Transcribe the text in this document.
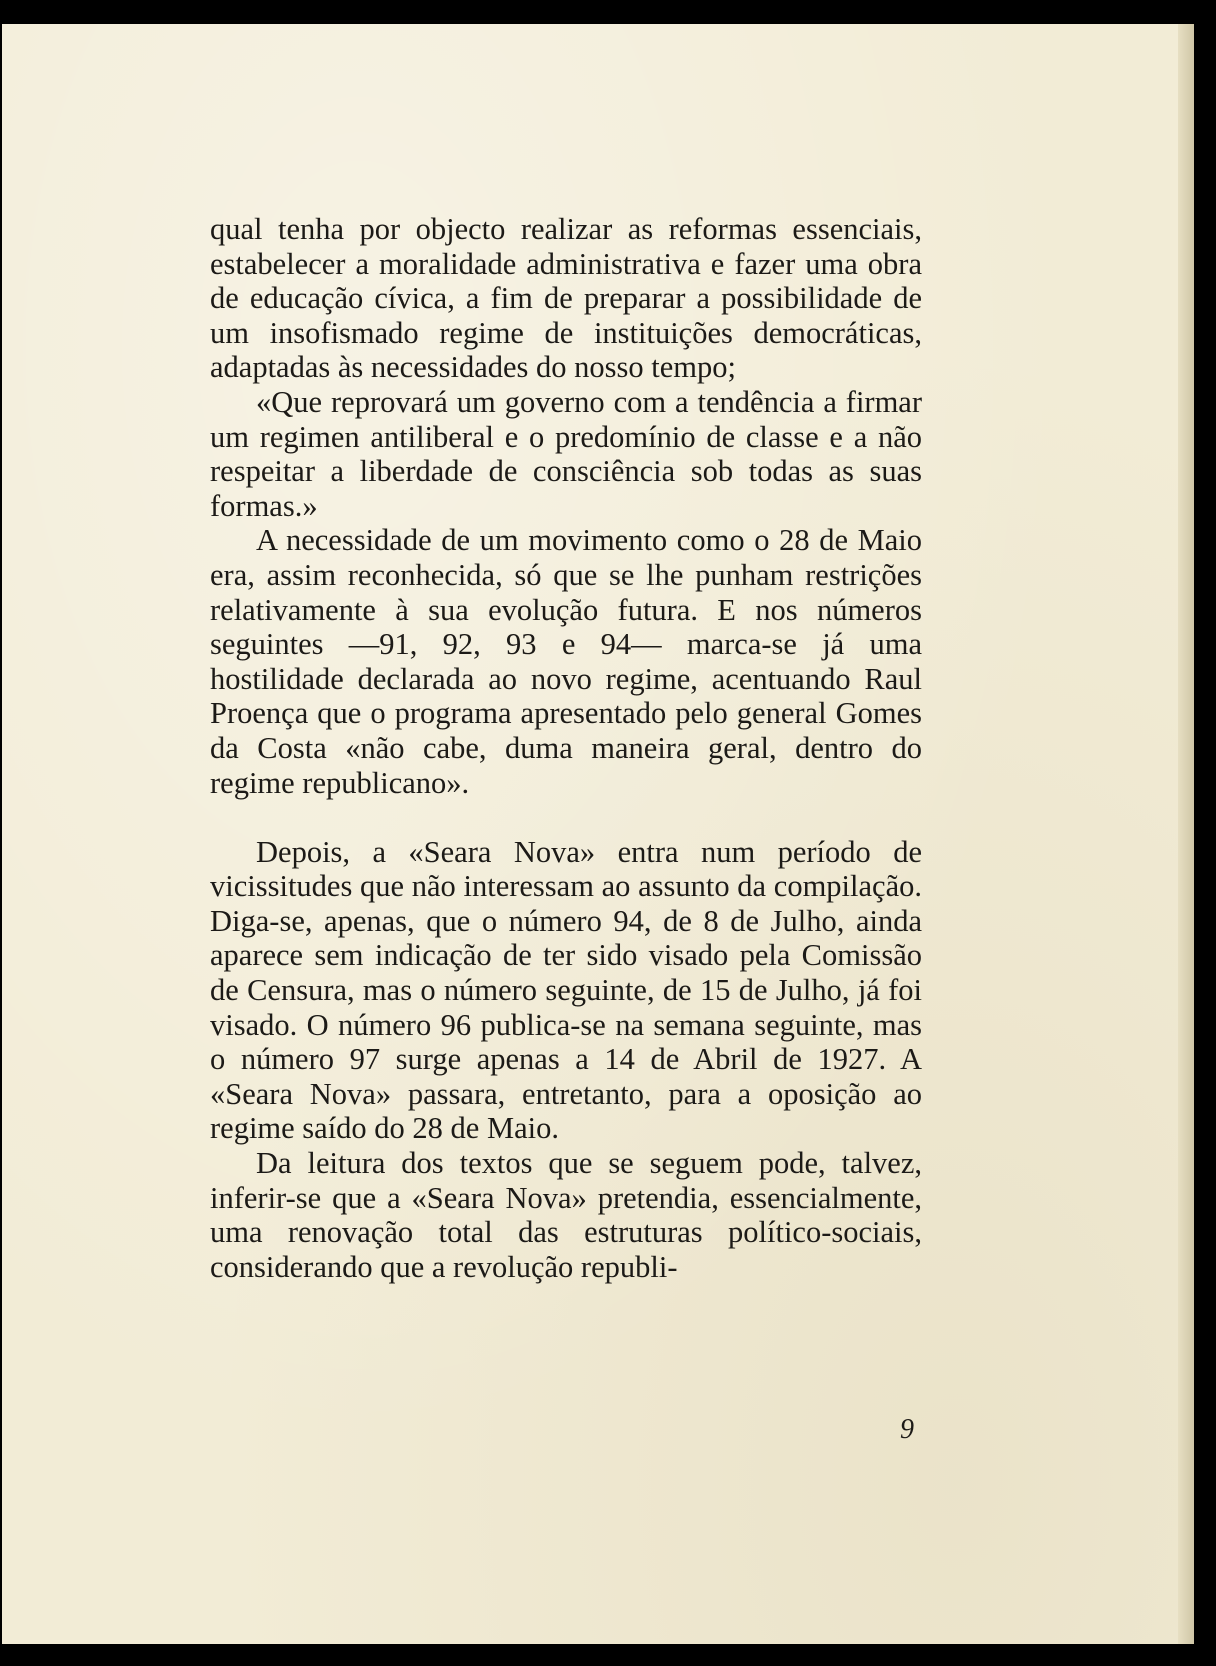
qual tenha por objecto realizar as reformas essenciais, estabelecer a moralidade administrativa e fazer uma obra de educação cívica, a fim de preparar a possibilidade de um insofismado regime de instituições democráticas, adaptadas às necessidades do nosso tempo;

«Que reprovará um governo com a tendência a firmar um regimen antiliberal e o predomínio de classe e a não respeitar a liberdade de consciência sob todas as suas formas.»

A necessidade de um movimento como o 28 de Maio era, assim reconhecida, só que se lhe punham restrições relativamente à sua evolução futura. E nos números seguintes —91, 92, 93 e 94— marca-se já uma hostilidade declarada ao novo regime, acentuando Raul Proença que o programa apresentado pelo general Gomes da Costa «não cabe, duma maneira geral, dentro do regime republicano».

Depois, a «Seara Nova» entra num período de vicissitudes que não interessam ao assunto da compilação. Diga-se, apenas, que o número 94, de 8 de Julho, ainda aparece sem indicação de ter sido visado pela Comissão de Censura, mas o número seguinte, de 15 de Julho, já foi visado. O número 96 publica-se na semana seguinte, mas o número 97 surge apenas a 14 de Abril de 1927. A «Seara Nova» passara, entretanto, para a oposição ao regime saído do 28 de Maio.

Da leitura dos textos que se seguem pode, talvez, inferir-se que a «Seara Nova» pretendia, essencialmente, uma renovação total das estruturas político-sociais, considerando que a revolução republi-

9
